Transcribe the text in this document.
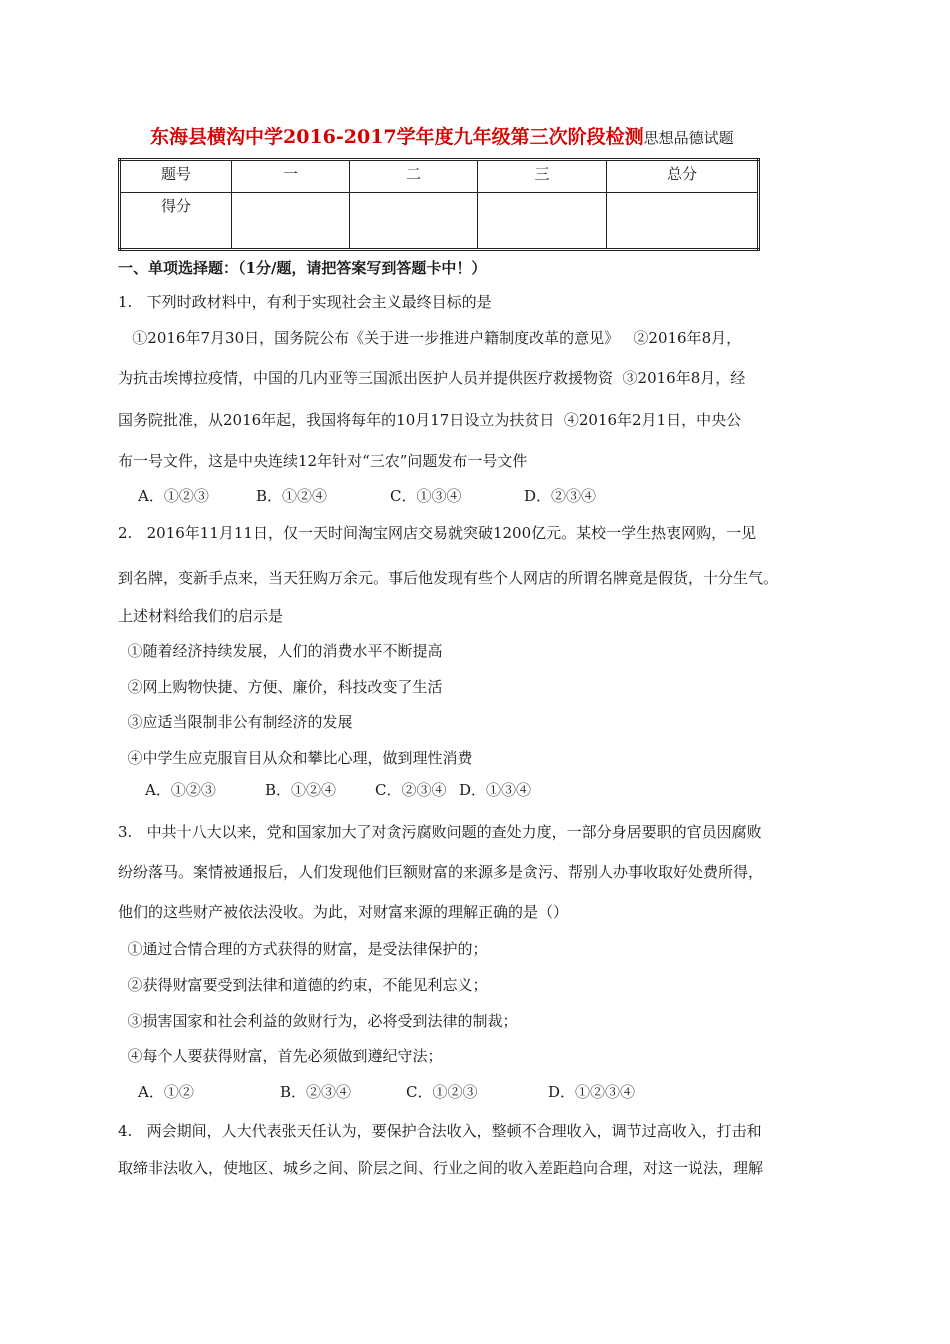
东海县横沟中学2016-2017学年度九年级第三次阶段检测思想品德试题
题号	一	二	三	总分
得分				
一、单项选择题：（1分/题，请把答案写到答题卡中！）
1.   下列时政材料中，有利于实现社会主义最终目标的是
①2016年7月30日，国务院公布《关于进一步推进户籍制度改革的意见》   ②2016年8月，
为抗击埃博拉疫情，中国的几内亚等三国派出医护人员并提供医疗救援物资  ③2016年8月，经
国务院批准，从2016年起，我国将每年的10月17日设立为扶贫日  ④2016年2月1日，中央公
布一号文件，这是中央连续12年针对“三农”问题发布一号文件
A．①②③	B．①②④	C．①③④	D．②③④
2.   2016年11月11日，仅一天时间淘宝网店交易就突破1200亿元。某校一学生热衷网购，一见
到名牌，变新手点来，当天狂购万余元。事后他发现有些个人网店的所谓名牌竟是假货，十分生气。
上述材料给我们的启示是
①随着经济持续发展，人们的消费水平不断提高
②网上购物快捷、方便、廉价，科技改变了生活
③应适当限制非公有制经济的发展
④中学生应克服盲目从众和攀比心理，做到理性消费
A．①②③	B．①②④	C．②③④ D．①③④
3.   中共十八大以来，党和国家加大了对贪污腐败问题的查处力度，一部分身居要职的官员因腐败
纷纷落马。案情被通报后，人们发现他们巨额财富的来源多是贪污、帮别人办事收取好处费所得，
他们的这些财产被依法没收。为此，对财富来源的理解正确的是（）
①通过合情合理的方式获得的财富，是受法律保护的；
②获得财富要受到法律和道德的约束，不能见利忘义；
③损害国家和社会利益的敛财行为，必将受到法律的制裁；
④每个人要获得财富，首先必须做到遵纪守法；
A．①②	B．②③④	C．①②③	D．①②③④
4.   两会期间，人大代表张天任认为，要保护合法收入，整顿不合理收入，调节过高收入，打击和
取缔非法收入，使地区、城乡之间、阶层之间、行业之间的收入差距趋向合理，对这一说法，理解
